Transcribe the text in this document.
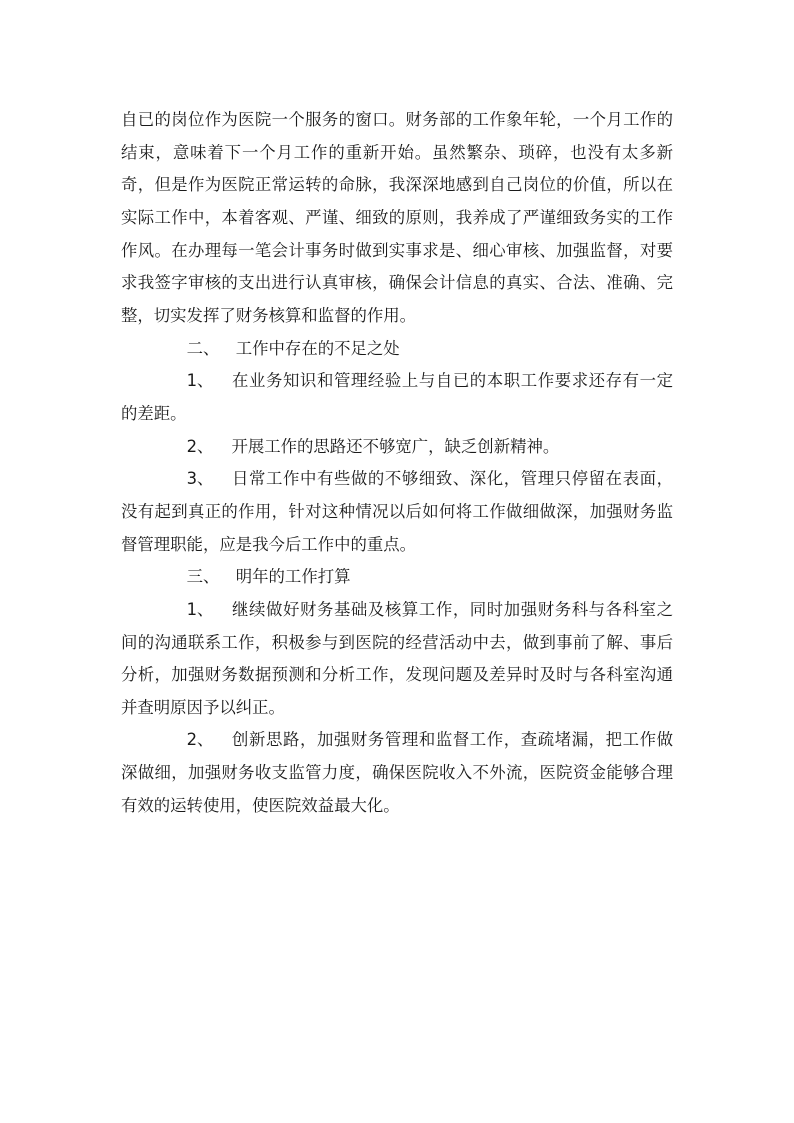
自已的岗位作为医院一个服务的窗口。财务部的工作象年轮，一个月工作的结束，意味着下一个月工作的重新开始。虽然繁杂、琐碎，也没有太多新奇，但是作为医院正常运转的命脉，我深深地感到自己岗位的价值，所以在实际工作中，本着客观、严谨、细致的原则，我养成了严谨细致务实的工作作风。在办理每一笔会计事务时做到实事求是、细心审核、加强监督，对要求我签字审核的支出进行认真审核，确保会计信息的真实、合法、准确、完整，切实发挥了财务核算和监督的作用。

二、 工作中存在的不足之处

1、 在业务知识和管理经验上与自已的本职工作要求还存有一定的差距。

2、 开展工作的思路还不够宽广，缺乏创新精神。

3、 日常工作中有些做的不够细致、深化，管理只停留在表面，没有起到真正的作用，针对这种情况以后如何将工作做细做深，加强财务监督管理职能，应是我今后工作中的重点。

三、 明年的工作打算

1、 继续做好财务基础及核算工作，同时加强财务科与各科室之间的沟通联系工作，积极参与到医院的经营活动中去，做到事前了解、事后分析，加强财务数据预测和分析工作，发现问题及差异时及时与各科室沟通并查明原因予以纠正。

2、 创新思路，加强财务管理和监督工作，查疏堵漏，把工作做深做细，加强财务收支监管力度，确保医院收入不外流，医院资金能够合理有效的运转使用，使医院效益最大化。
